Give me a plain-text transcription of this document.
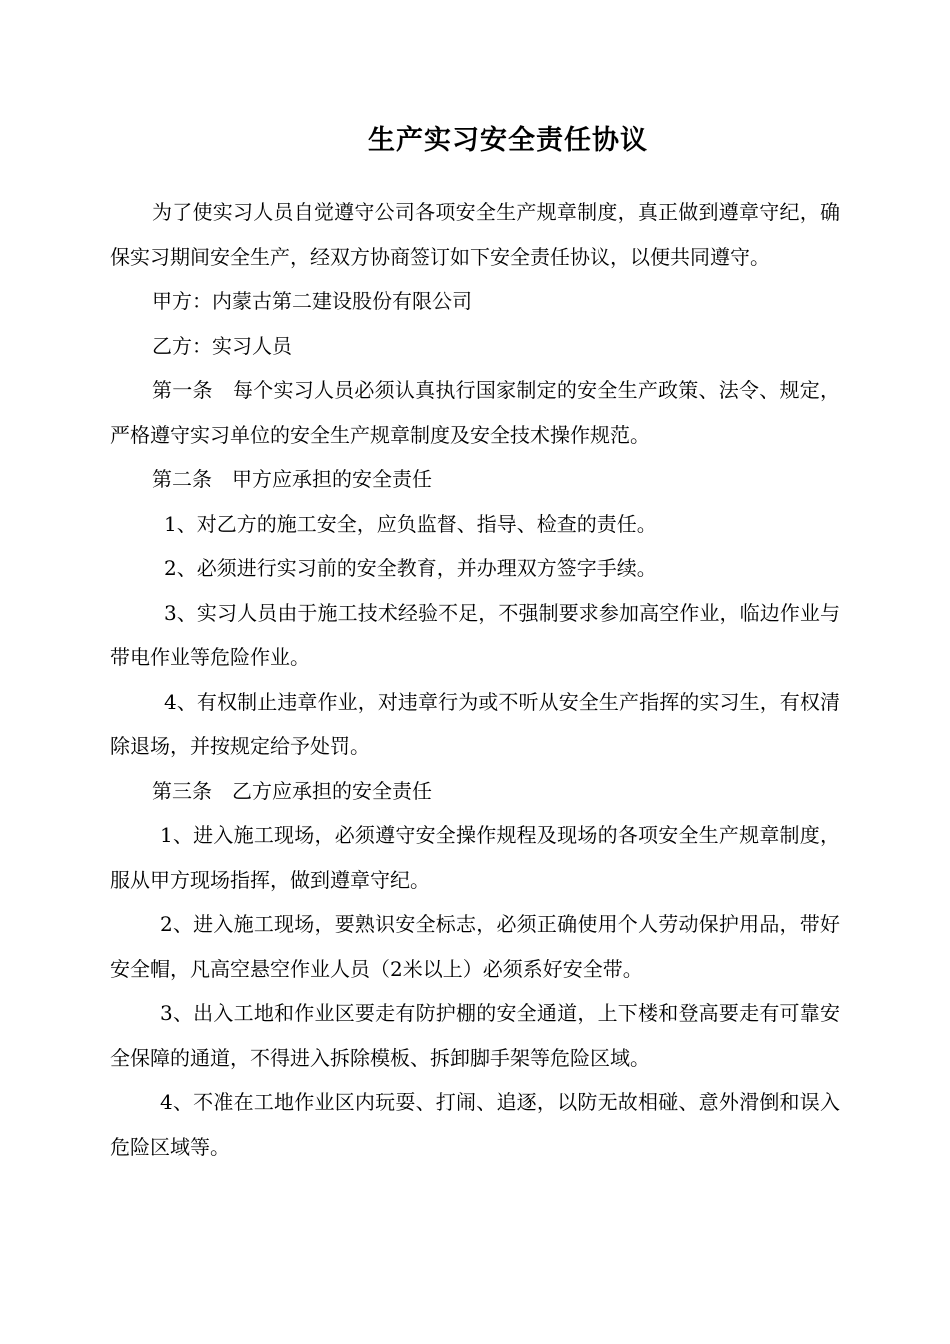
生产实习安全责任协议

为了使实习人员自觉遵守公司各项安全生产规章制度，真正做到遵章守纪，确保实习期间安全生产，经双方协商签订如下安全责任协议，以便共同遵守。

甲方：内蒙古第二建设股份有限公司

乙方：实习人员

第一条　每个实习人员必须认真执行国家制定的安全生产政策、法令、规定，严格遵守实习单位的安全生产规章制度及安全技术操作规范。

第二条　甲方应承担的安全责任

1、对乙方的施工安全，应负监督、指导、检查的责任。

2、必须进行实习前的安全教育，并办理双方签字手续。

3、实习人员由于施工技术经验不足，不强制要求参加高空作业，临边作业与带电作业等危险作业。

4、有权制止违章作业，对违章行为或不听从安全生产指挥的实习生，有权清除退场，并按规定给予处罚。

第三条　乙方应承担的安全责任

1、进入施工现场，必须遵守安全操作规程及现场的各项安全生产规章制度，服从甲方现场指挥，做到遵章守纪。

2、进入施工现场，要熟识安全标志，必须正确使用个人劳动保护用品，带好安全帽，凡高空悬空作业人员（2米以上）必须系好安全带。

3、出入工地和作业区要走有防护棚的安全通道，上下楼和登高要走有可靠安全保障的通道，不得进入拆除模板、拆卸脚手架等危险区域。

4、不准在工地作业区内玩耍、打闹、追逐，以防无故相碰、意外滑倒和误入危险区域等。
